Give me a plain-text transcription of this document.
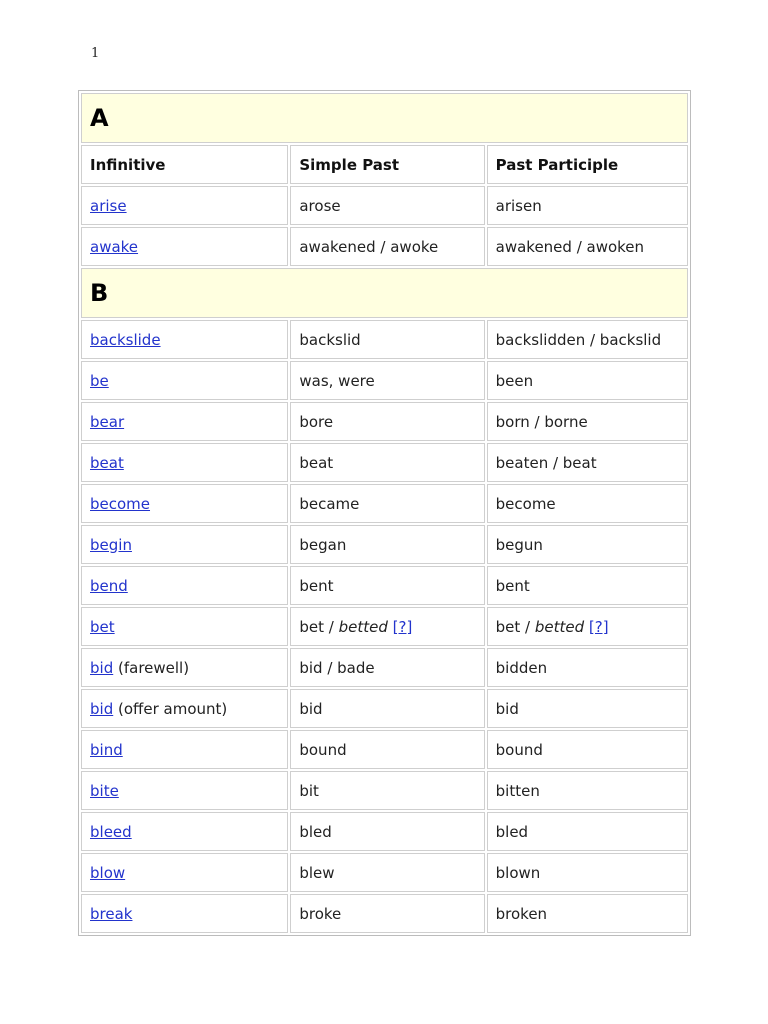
1
A		
Infinitive	Simple Past	Past Participle
arise	arose	arisen
awake	awakened / awoke	awakened / awoken
B		
backslide	backslid	backslidden / backslid
be	was, were	been
bear	bore	born / borne
beat	beat	beaten / beat
become	became	become
begin	began	begun
bend	bent	bent
bet	bet / betted [?]	bet / betted [?]
bid (farewell)	bid / bade	bidden
bid (offer amount)	bid	bid
bind	bound	bound
bite	bit	bitten
bleed	bled	bled
blow	blew	blown
break	broke	broken
